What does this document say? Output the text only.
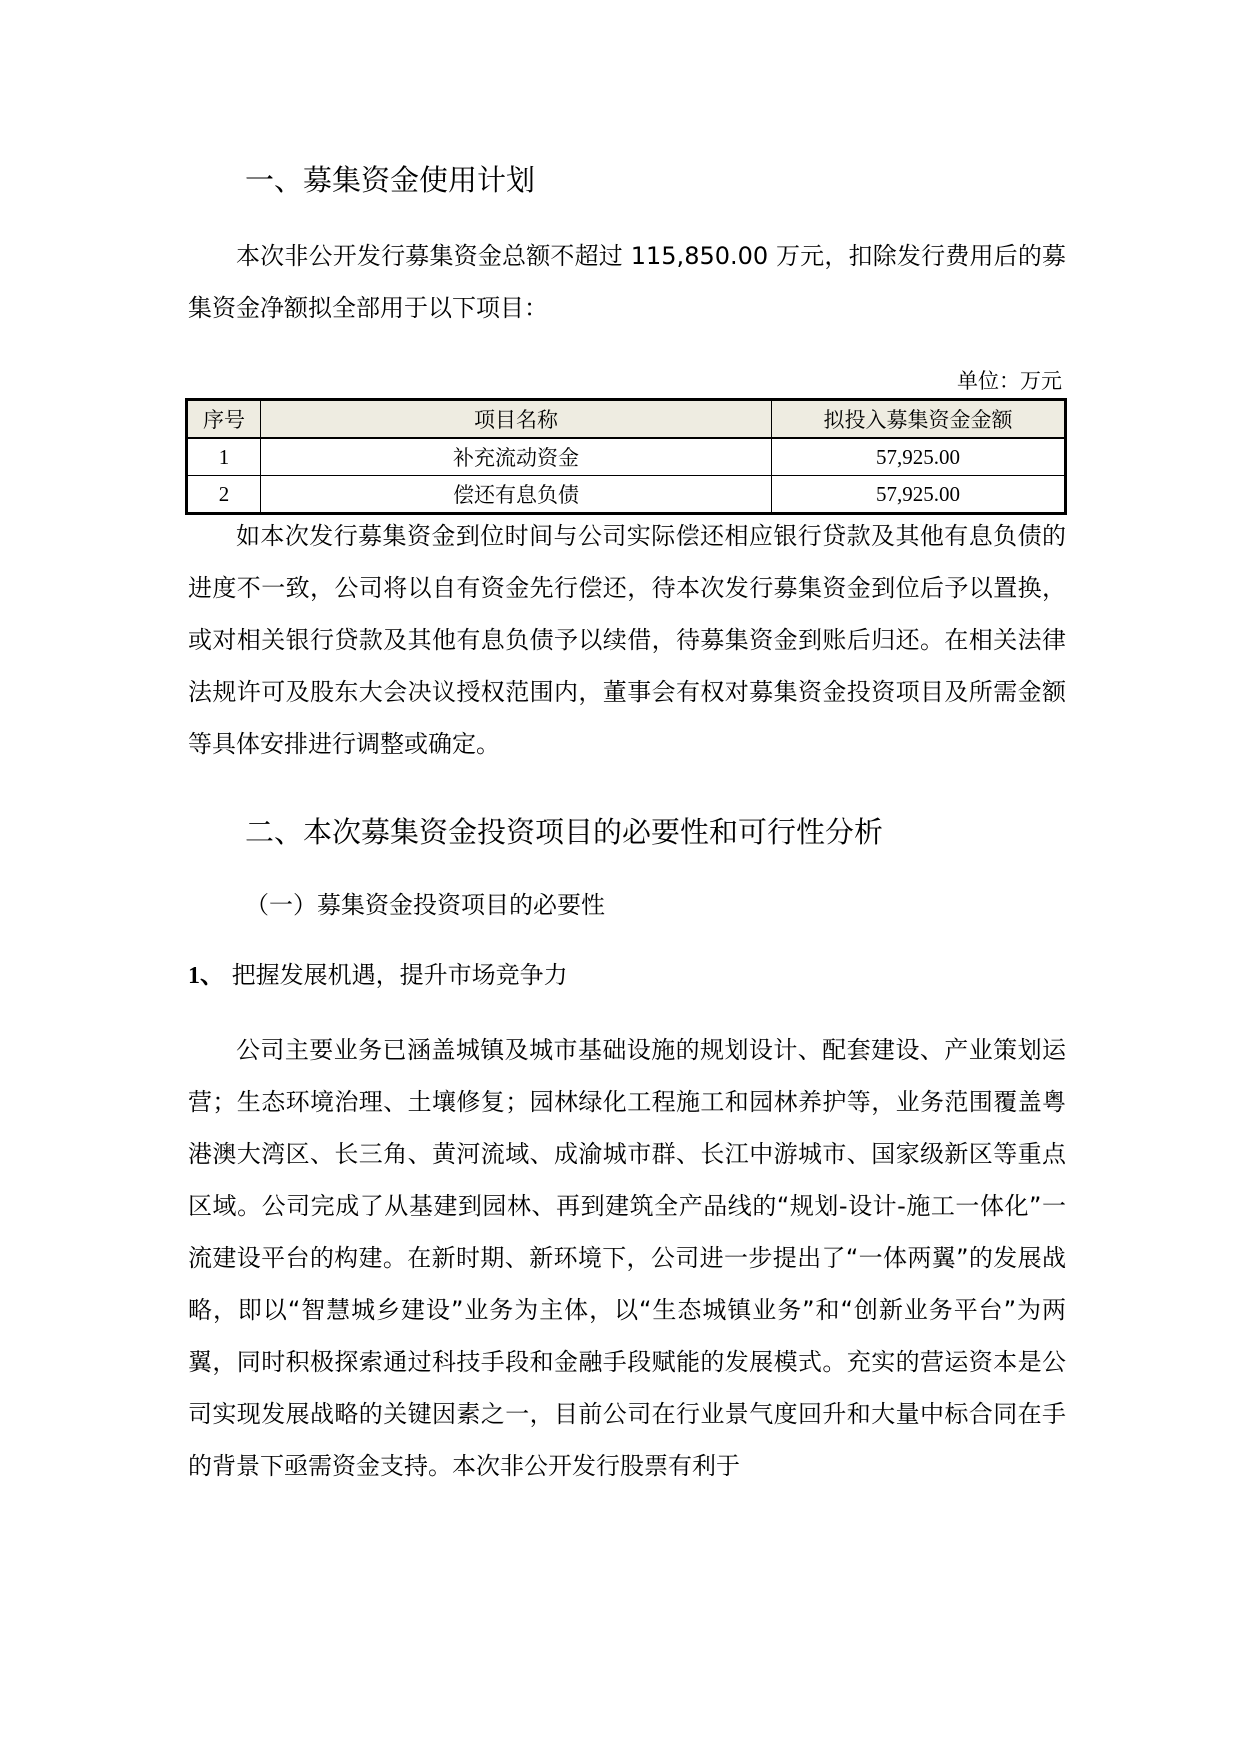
一、募集资金使用计划

本次非公开发行募集资金总额不超过 115,850.00 万元，扣除发行费用后的募集资金净额拟全部用于以下项目：

单位：万元
序号	项目名称	拟投入募集资金金额
1	补充流动资金	57,925.00
2	偿还有息负债	57,925.00

如本次发行募集资金到位时间与公司实际偿还相应银行贷款及其他有息负债的进度不一致，公司将以自有资金先行偿还，待本次发行募集资金到位后予以置换，或对相关银行贷款及其他有息负债予以续借，待募集资金到账后归还。在相关法律法规许可及股东大会决议授权范围内，董事会有权对募集资金投资项目及所需金额等具体安排进行调整或确定。

二、本次募集资金投资项目的必要性和可行性分析
（一）募集资金投资项目的必要性
1、 把握发展机遇，提升市场竞争力

公司主要业务已涵盖城镇及城市基础设施的规划设计、配套建设、产业策划运营；生态环境治理、土壤修复；园林绿化工程施工和园林养护等，业务范围覆盖粤港澳大湾区、长三角、黄河流域、成渝城市群、长江中游城市、国家级新区等重点区域。公司完成了从基建到园林、再到建筑全产品线的“规划-设计-施工一体化”一流建设平台的构建。在新时期、新环境下，公司进一步提出了“一体两翼”的发展战略，即以“智慧城乡建设”业务为主体，以“生态城镇业务”和“创新业务平台”为两翼，同时积极探索通过科技手段和金融手段赋能的发展模式。充实的营运资本是公司实现发展战略的关键因素之一，目前公司在行业景气度回升和大量中标合同在手的背景下亟需资金支持。本次非公开发行股票有利于
